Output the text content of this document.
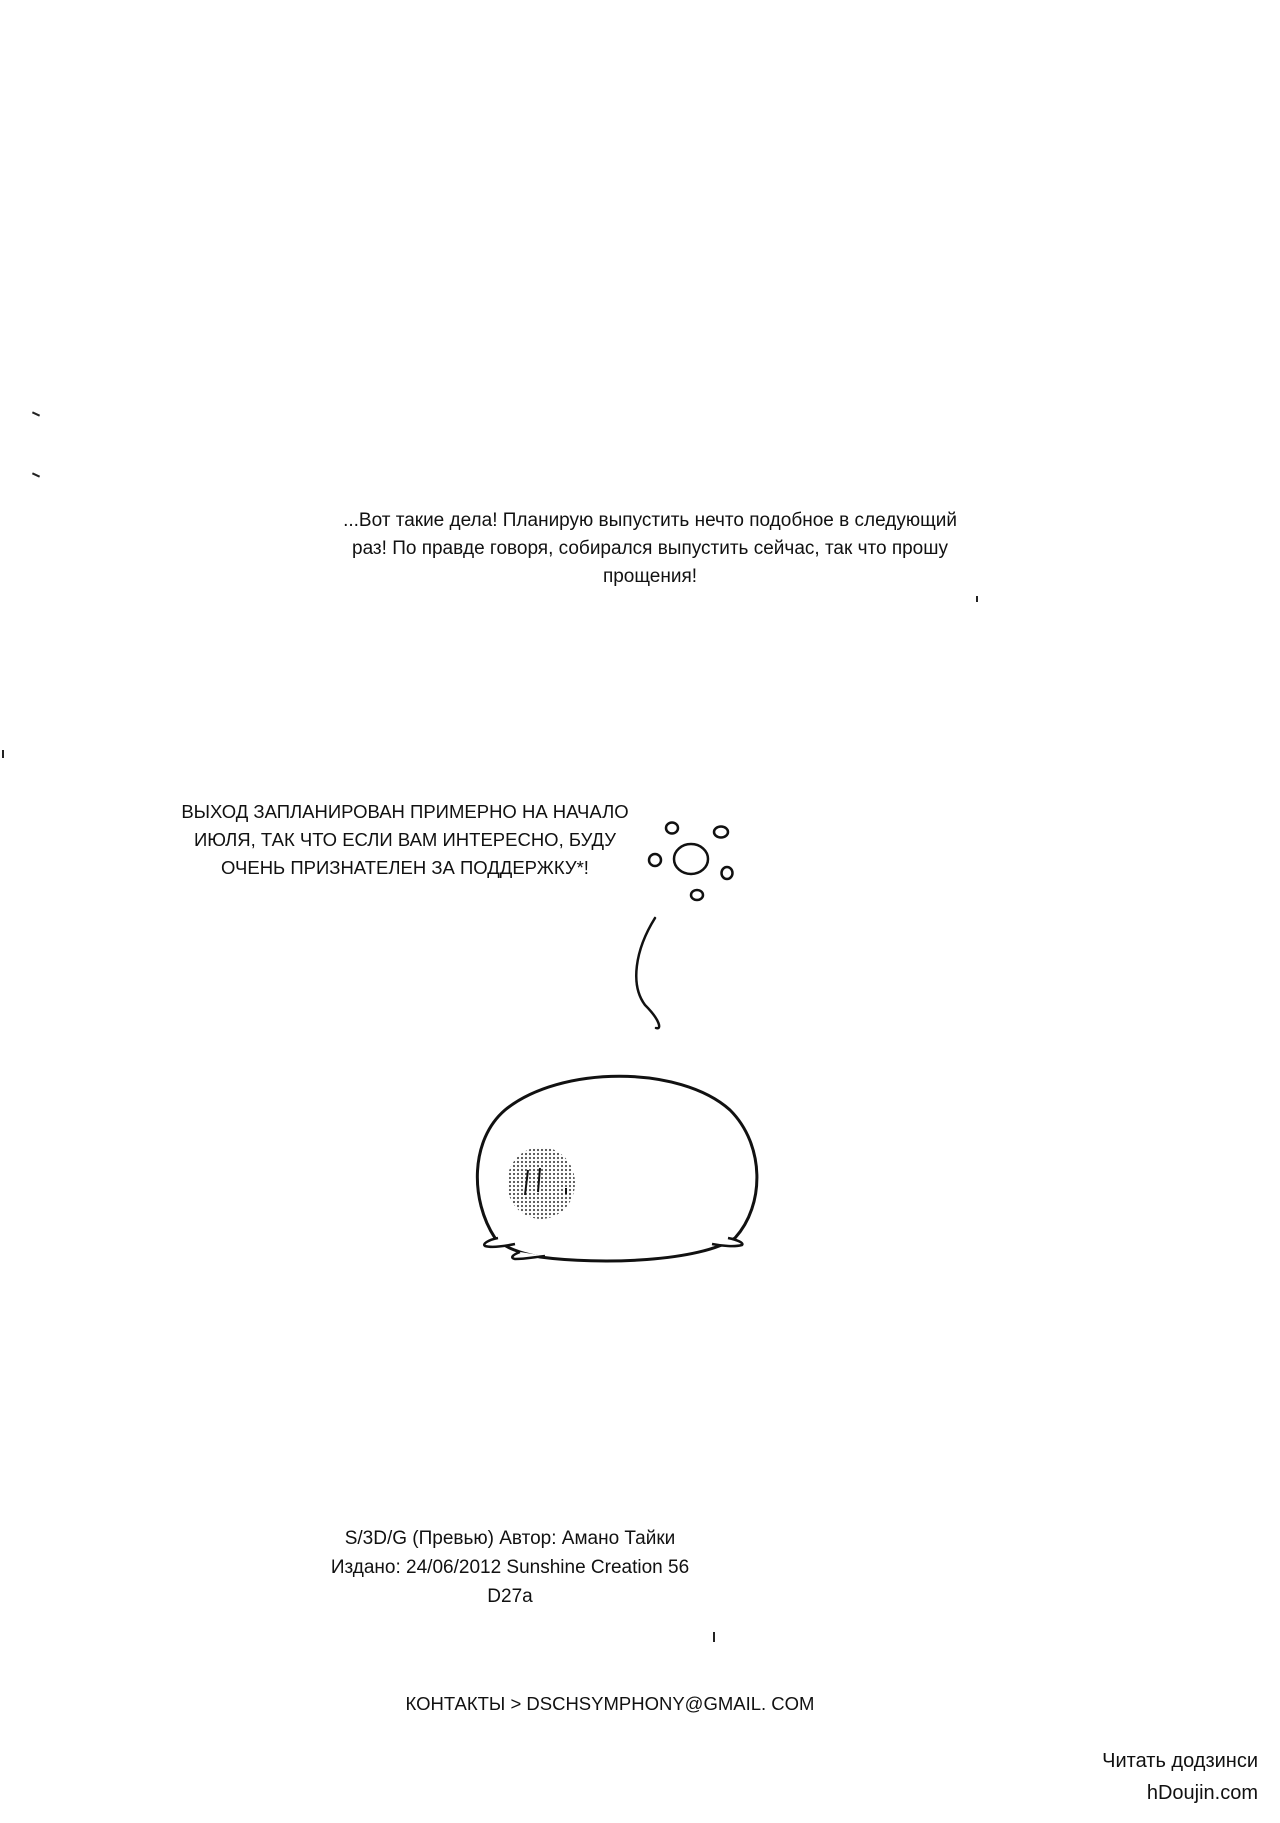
...Вот такие дела! Планирую выпустить нечто подобное в следующий
раз! По правде говоря, собирался выпустить сейчас, так что прошу
прощения!
ВЫХОД ЗАПЛАНИРОВАН ПРИМЕРНО НА НАЧАЛО
ИЮЛЯ, ТАК ЧТО ЕСЛИ ВАМ ИНТЕРЕСНО, БУДУ
ОЧЕНЬ ПРИЗНАТЕЛЕН ЗА ПОДДЕРЖКУ*!
S/3D/G (Превью) Автор: Амано Тайки
Издано: 24/06/2012 Sunshine Creation 56
D27a
КОНТАКТЫ > DSCHSYMPHONY@GMAIL. COM
Читать додзинси
hDoujin.com
